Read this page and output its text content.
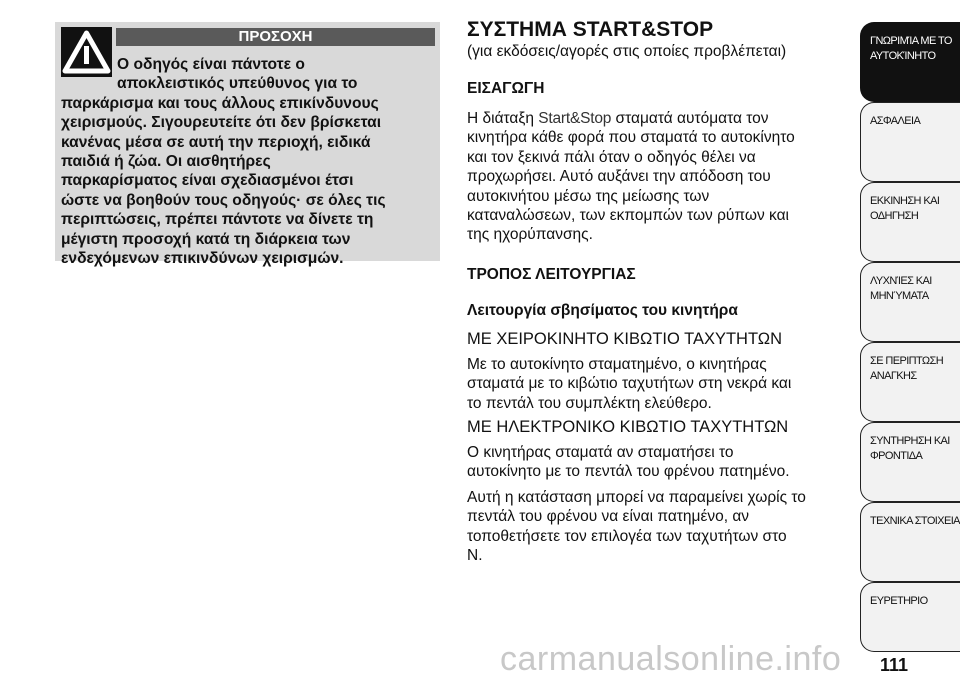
ΠΡΟΣΟΧΗ
Ο οδηγός είναι πάντοτε ο
αποκλειστικός υπεύθυνος για το
παρκάρισμα και τους άλλους επικίνδυνους
χειρισμούς. Σιγουρευτείτε ότι δεν βρίσκεται
κανένας μέσα σε αυτή την περιοχή, ειδικά
παιδιά ή ζώα. Οι αισθητήρες
παρκαρίσματος είναι σχεδιασμένοι έτσι
ώστε να βοηθούν τους οδηγούς· σε όλες τις
περιπτώσεις, πρέπει πάντοτε να δίνετε τη
μέγιστη προσοχή κατά τη διάρκεια των
ενδεχόμενων επικινδύνων χειρισμών.
ΣΥΣΤΗΜΑ START&STOP
(για εκδόσεις/αγορές στις οποίες προβλέπεται)
ΕΙΣΑΓΩΓΗ
Η διάταξη Start&Stop σταματά αυτόματα τον
κινητήρα κάθε φορά που σταματά το αυτοκίνητο
και τον ξεκινά πάλι όταν ο οδηγός θέλει να
προχωρήσει. Αυτό αυξάνει την απόδοση του
αυτοκινήτου μέσω της μείωσης των
καταναλώσεων, των εκπομπών των ρύπων και
της ηχορύπανσης.
ΤΡΟΠΟΣ ΛΕΙΤΟΥΡΓΙΑΣ
Λειτουργία σβησίματος του κινητήρα
ΜΕ ΧΕΙΡΟΚΙΝΗΤΟ ΚΙΒΩΤΙΟ ΤΑΧΥΤΗΤΩΝ
Με το αυτοκίνητο σταματημένο, ο κινητήρας
σταματά με το κιβώτιο ταχυτήτων στη νεκρά και
το πεντάλ του συμπλέκτη ελεύθερο.
ΜΕ ΗΛΕΚΤΡΟΝΙΚΟ ΚΙΒΩΤΙΟ ΤΑΧΥΤΗΤΩΝ
Ο κινητήρας σταματά αν σταματήσει το
αυτοκίνητο με το πεντάλ του φρένου πατημένο.
Αυτή η κατάσταση μπορεί να παραμείνει χωρίς το
πεντάλ του φρένου να είναι πατημένο, αν
τοποθετήσετε τον επιλογέα των ταχυτήτων στο
N.
ΓΝΩΡΙΜΊΑ ΜΕ ΤΟ
ΑΥΤΟΚΊΝΗΤΟ
ΑΣΦΑΛΕΙΑ
ΕΚΚΙΝΗΣΗ ΚΑΙ
ΟΔΗΓΗΣΗ
ΛΥΧΝΊΕΣ ΚΑΙ
ΜΗΝΎΜΑΤΑ
ΣΕ ΠΕΡΙΠΤΩΣΗ
ΑΝΑΓΚΗΣ
ΣΥΝΤΗΡΗΣΗ ΚΑΙ
ΦΡΟΝΤΙΔΑ
ΤΕΧΝΙΚΑ ΣΤΟΙΧΕΙΑ
ΕΥΡΕΤΗΡΙΟ
111
carmanualsonline.info
